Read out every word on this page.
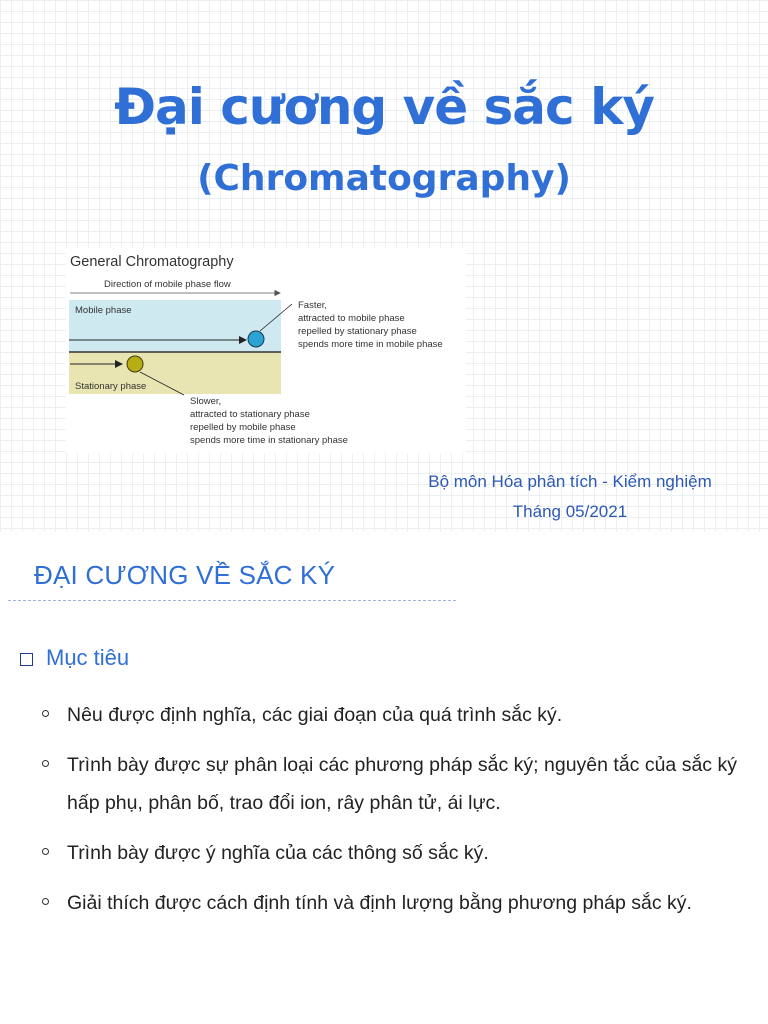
Đại cương về sắc ký
(Chromatography)
General Chromatography
Direction of mobile phase flow
Mobile phase
Stationary phase
Faster,
attracted to mobile phase
repelled by stationary phase
spends more time in mobile phase
Slower,
attracted to stationary phase
repelled by mobile phase
spends more time in stationary phase
Bộ môn Hóa phân tích - Kiểm nghiệm
Tháng 05/2021
ĐẠI CƯƠNG VỀ SẮC KÝ
Mục tiêu
Nêu được định nghĩa, các giai đoạn của quá trình sắc ký.
Trình bày được sự phân loại các phương pháp sắc ký; nguyên tắc của sắc ký hấp phụ, phân bố, trao đổi ion, rây phân tử, ái lực.
Trình bày được ý nghĩa của các thông số sắc ký.
Giải thích được cách định tính và định lượng bằng phương pháp sắc ký.
